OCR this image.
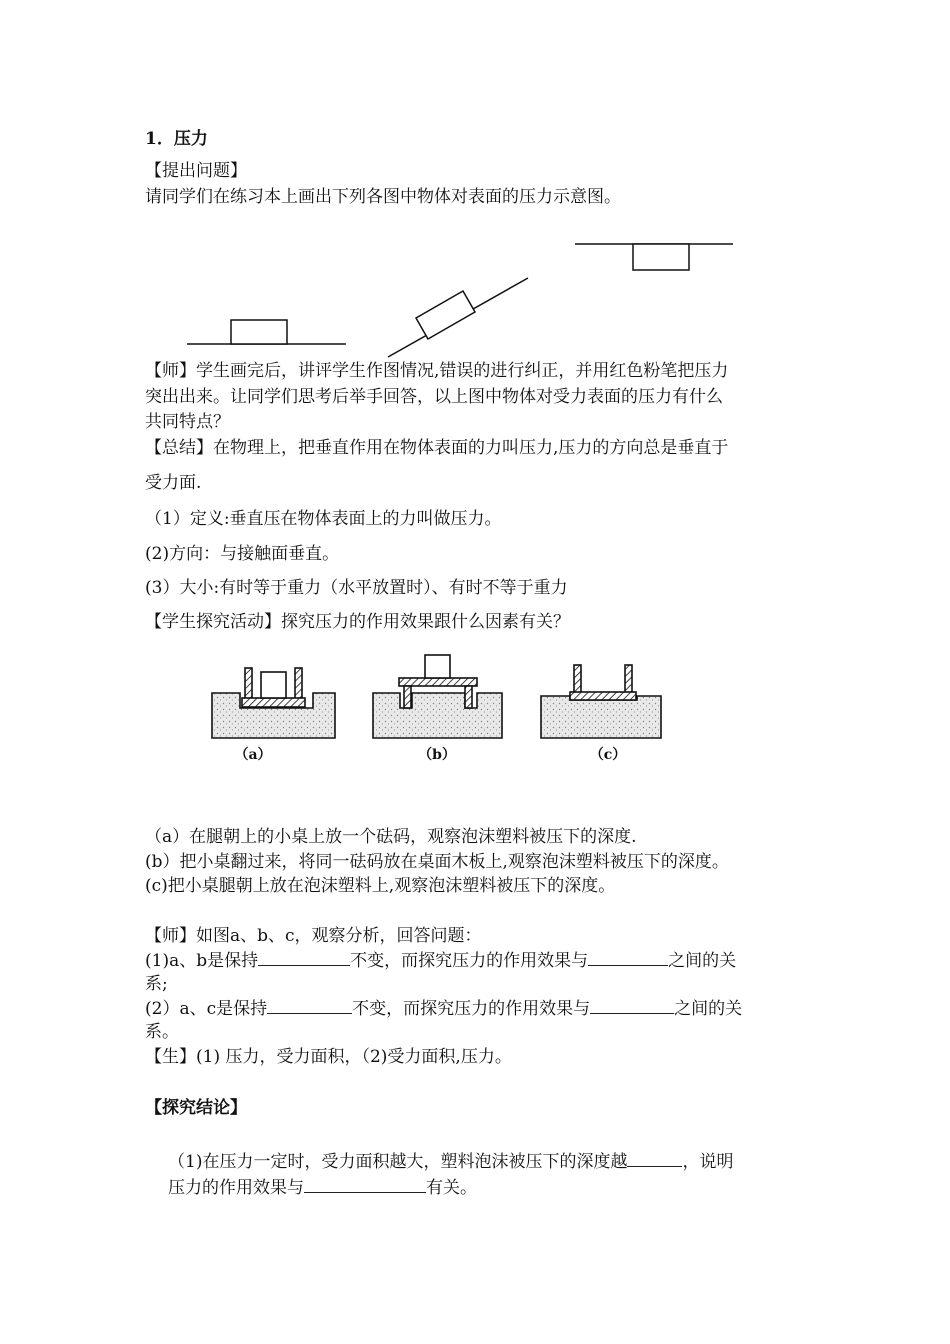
1．压力
【提出问题】
请同学们在练习本上画出下列各图中物体对表面的压力示意图。
【师】学生画完后，讲评学生作图情况,错误的进行纠正，并用红色粉笔把压力
突出出来。让同学们思考后举手回答，以上图中物体对受力表面的压力有什么
共同特点？
【总结】在物理上，把垂直作用在物体表面的力叫压力,压力的方向总是垂直于
受力面.
（1）定义:垂直压在物体表面上的力叫做压力。
(2)方向：与接触面垂直。
(3）大小:有时等于重力（水平放置时）、有时不等于重力
【学生探究活动】探究压力的作用效果跟什么因素有关？
（a）	（b）	（c）
（a）在腿朝上的小桌上放一个砝码，观察泡沫塑料被压下的深度.
(b）把小桌翻过来，将同一砝码放在桌面木板上,观察泡沫塑料被压下的深度。
(c)把小桌腿朝上放在泡沫塑料上,观察泡沫塑料被压下的深度。
【师】如图a、b、c，观察分析，回答问题：
(1)a、b是保持	不变，而探究压力的作用效果与	之间的关
系;
(2）a、c是保持	不变，而探究压力的作用效果与	之间的关
系。
【生】(1) 压力，受力面积，（2)受力面积,压力。
【探究结论】
（1)在压力一定时，受力面积越大，塑料泡沫被压下的深度越	，说明
压力的作用效果与	有关。
